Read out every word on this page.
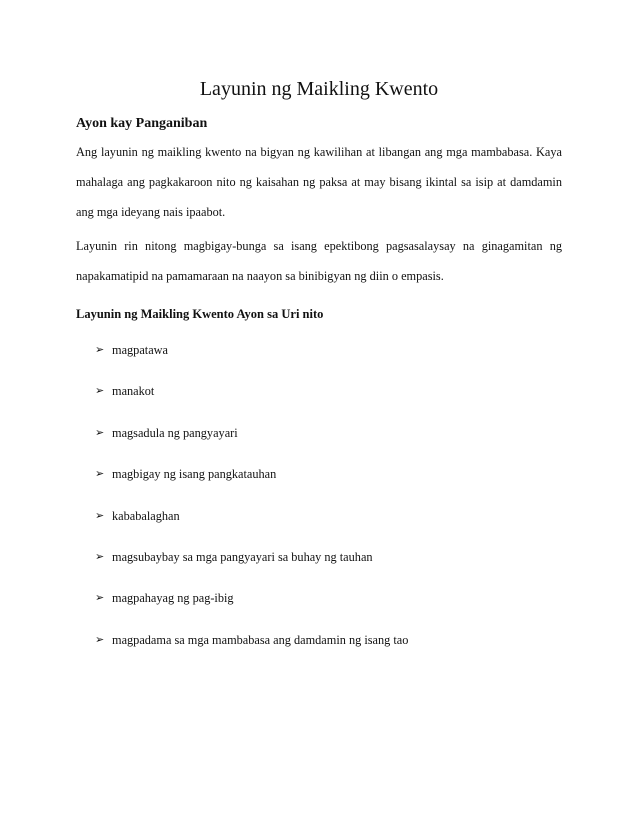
Layunin ng Maikling Kwento
Ayon kay Panganiban
Ang layunin ng maikling kwento na bigyan ng kawilihan at libangan ang mga mambabasa. Kaya
mahalaga ang pagkakaroon nito ng kaisahan ng paksa at may bisang ikintal sa isip at damdamin
ang mga ideyang nais ipaabot.
Layunin rin nitong magbigay-bunga sa isang epektibong pagsasalaysay na ginagamitan ng
napakamatipid na pamamaraan na naayon sa binibigyan ng diin o empasis.
Layunin ng Maikling Kwento Ayon sa Uri nito
➢ magpatawa
➢ manakot
➢ magsadula ng pangyayari
➢ magbigay ng isang pangkatauhan
➢ kababalaghan
➢ magsubaybay sa mga pangyayari sa buhay ng tauhan
➢ magpahayag ng pag-ibig
➢ magpadama sa mga mambabasa ang damdamin ng isang tao
